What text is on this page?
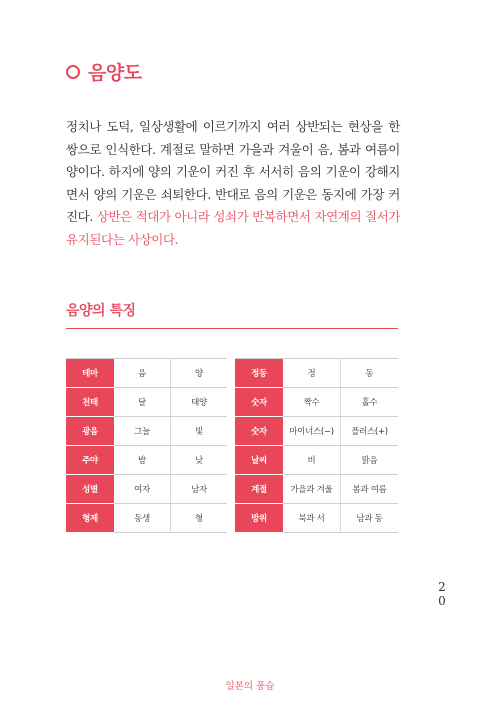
음양도
정치나 도덕, 일상생활에 이르기까지 여러 상반되는 현상을 한 쌍으로 인식한다. 계절로 말하면 가을과 겨울이 음, 봄과 여름이 양이다. 하지에 양의 기운이 커진 후 서서히 음의 기운이 강해지면서 양의 기운은 쇠퇴한다. 반대로 음의 기운은 동지에 가장 커진다. 상반은 적대가 아니라 성쇠가 반복하면서 자연계의 질서가 유지된다는 사상이다.
음양의 특징
테마	음	양
천태	달	태양
광음	그늘	빛
주야	밤	낮
성별	여자	남자
형제	동생	형
정동	정	동
숫자	짝수	홀수
숫자	마이너스(−)	플러스(+)
날씨	비	맑음
계절	가을과 겨울	봄과 여름
방위	북과 서	남과 동
20
일본의 풍습
